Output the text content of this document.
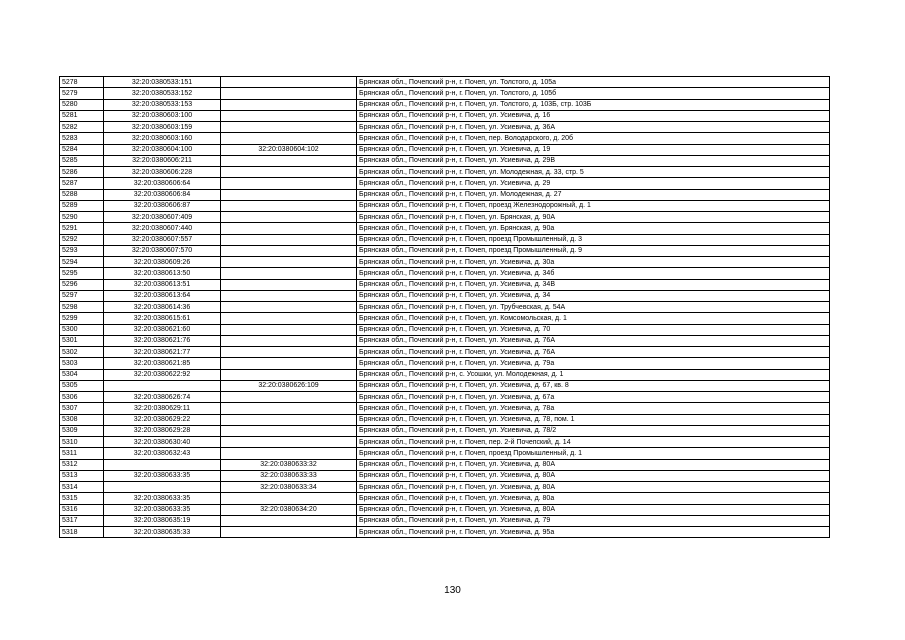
5278	32:20:0380533:151		Брянская обл., Почепский р-н, г. Почеп, ул. Толстого, д. 105а
5279	32:20:0380533:152		Брянская обл., Почепский р-н, г. Почеп, ул. Толстого, д. 105б
5280	32:20:0380533:153		Брянская обл., Почепский р-н, г. Почеп, ул. Толстого, д. 103Б, стр. 103Б
5281	32:20:0380603:100		Брянская обл., Почепский р-н, г. Почеп, ул. Усиевича, д. 16
5282	32:20:0380603:159		Брянская обл., Почепский р-н, г. Почеп, ул. Усиевича, д. 36А
5283	32:20:0380603:160		Брянская обл., Почепский р-н, г. Почеп, пер. Володарского, д. 20б
5284	32:20:0380604:100	32:20:0380604:102	Брянская обл., Почепский р-н, г. Почеп, ул. Усиевича, д. 19
5285	32:20:0380606:211		Брянская обл., Почепский р-н, г. Почеп, ул. Усиевича, д. 29В
5286	32:20:0380606:228		Брянская обл., Почепский р-н, г. Почеп, ул. Молодежная, д. 33, стр. 5
5287	32:20:0380606:64		Брянская обл., Почепский р-н, г. Почеп, ул. Усиевича, д. 29
5288	32:20:0380606:84		Брянская обл., Почепский р-н, г. Почеп, ул. Молодежная, д. 27
5289	32:20:0380606:87		Брянская обл., Почепский р-н, г. Почеп, проезд Железнодорожный, д. 1
5290	32:20:0380607:409		Брянская обл., Почепский р-н, г. Почеп, ул. Брянская, д. 90А
5291	32:20:0380607:440		Брянская обл., Почепский р-н, г. Почеп, ул. Брянская, д. 90а
5292	32:20:0380607:557		Брянская обл., Почепский р-н, г. Почеп, проезд Промышленный, д. 3
5293	32:20:0380607:570		Брянская обл., Почепский р-н, г. Почеп, проезд Промышленный, д. 9
5294	32:20:0380609:26		Брянская обл., Почепский р-н, г. Почеп, ул. Усиевича, д. 30а
5295	32:20:0380613:50		Брянская обл., Почепский р-н, г. Почеп, ул. Усиевича, д. 34б
5296	32:20:0380613:51		Брянская обл., Почепский р-н, г. Почеп, ул. Усиевича, д. 34В
5297	32:20:0380613:64		Брянская обл., Почепский р-н, г. Почеп, ул. Усиевича, д. 34
5298	32:20:0380614:36		Брянская обл., Почепский р-н, г. Почеп, ул. Трубчевская, д. 54А
5299	32:20:0380615:61		Брянская обл., Почепский р-н, г. Почеп, ул. Комсомольская, д. 1
5300	32:20:0380621:60		Брянская обл., Почепский р-н, г. Почеп, ул. Усиевича, д. 70
5301	32:20:0380621:76		Брянская обл., Почепский р-н, г. Почеп, ул. Усиевича, д. 76А
5302	32:20:0380621:77		Брянская обл., Почепский р-н, г. Почеп, ул. Усиевича, д. 76А
5303	32:20:0380621:85		Брянская обл., Почепский р-н, г. Почеп, ул. Усиевича, д. 79а
5304	32:20:0380622:92		Брянская обл., Почепский р-н, с. Усошки, ул. Молодежная, д. 1
5305		32:20:0380626:109	Брянская обл., Почепский р-н, г. Почеп, ул. Усиевича, д. 67, кв. 8
5306	32:20:0380626:74		Брянская обл., Почепский р-н, г. Почеп, ул. Усиевича, д. 67а
5307	32:20:0380629:11		Брянская обл., Почепский р-н, г. Почеп, ул. Усиевича, д. 78а
5308	32:20:0380629:22		Брянская обл., Почепский р-н, г. Почеп, ул. Усиевича, д. 78, пом. 1
5309	32:20:0380629:28		Брянская обл., Почепский р-н, г. Почеп, ул. Усиевича, д. 78/2
5310	32:20:0380630:40		Брянская обл., Почепский р-н, г. Почеп, пер. 2-й Почепский, д. 14
5311	32:20:0380632:43		Брянская обл., Почепский р-н, г. Почеп, проезд Промышленный, д. 1
5312		32:20:0380633:32	Брянская обл., Почепский р-н, г. Почеп, ул. Усиевича, д. 80А
5313	32:20:0380633:35	32:20:0380633:33	Брянская обл., Почепский р-н, г. Почеп, ул. Усиевича, д. 80А
5314		32:20:0380633:34	Брянская обл., Почепский р-н, г. Почеп, ул. Усиевича, д. 80А
5315	32:20:0380633:35		Брянская обл., Почепский р-н, г. Почеп, ул. Усиевича, д. 80а
5316	32:20:0380633:35	32:20:0380634:20	Брянская обл., Почепский р-н, г. Почеп, ул. Усиевича, д. 80А
5317	32:20:0380635:19		Брянская обл., Почепский р-н, г. Почеп, ул. Усиевича, д. 79
5318	32:20:0380635:33		Брянская обл., Почепский р-н, г. Почеп, ул. Усиевича, д. 95а
130
